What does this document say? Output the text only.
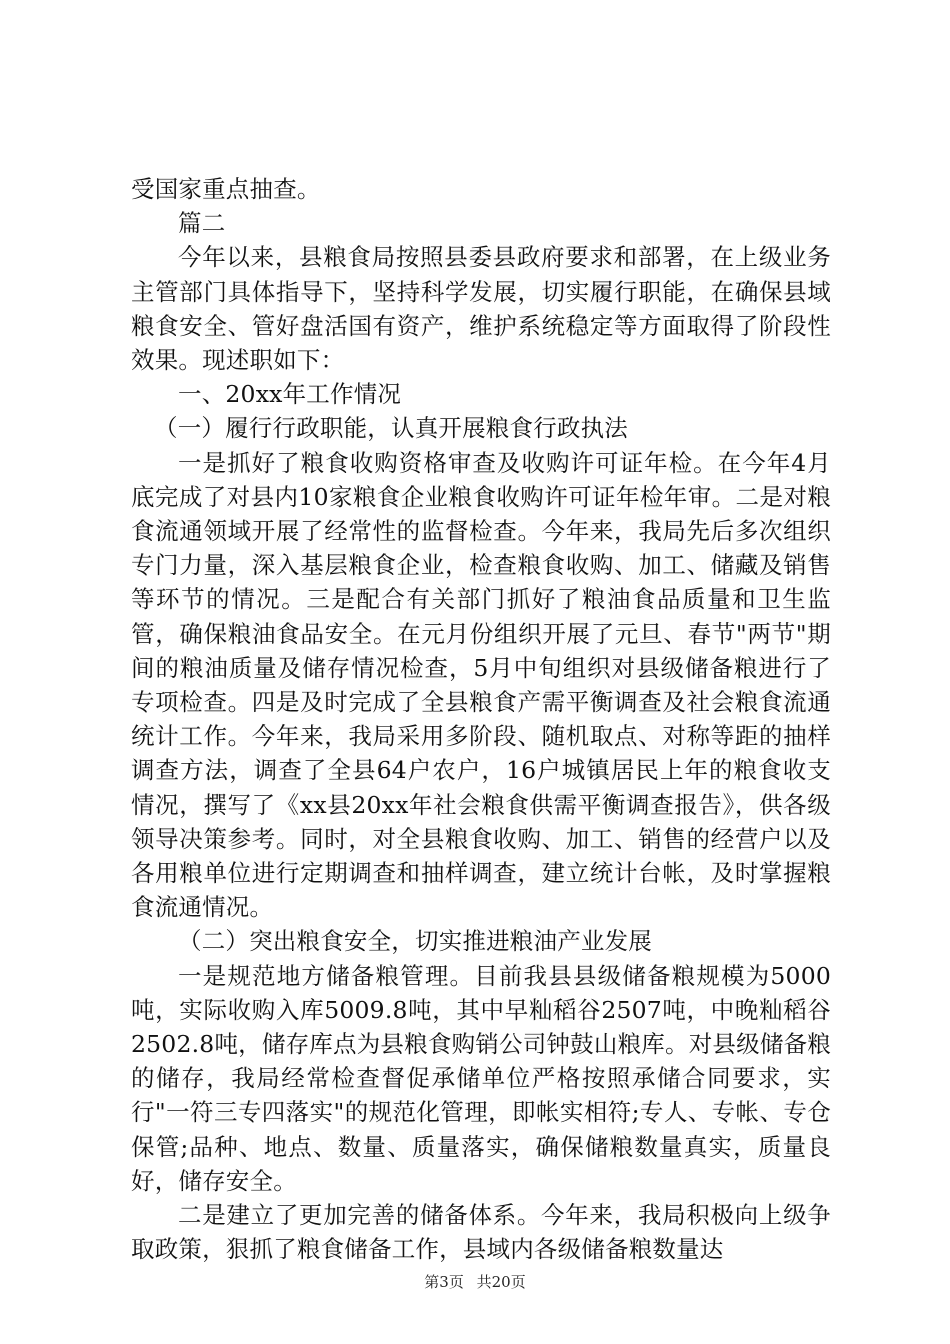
受国家重点抽查。

篇二

今年以来，县粮食局按照县委县政府要求和部署，在上级业务主管部门具体指导下，坚持科学发展，切实履行职能，在确保县域粮食安全、管好盘活国有资产，维护系统稳定等方面取得了阶段性效果。现述职如下：

一、20xx年工作情况

（一）履行行政职能，认真开展粮食行政执法

一是抓好了粮食收购资格审查及收购许可证年检。在今年4月底完成了对县内10家粮食企业粮食收购许可证年检年审。二是对粮食流通领域开展了经常性的监督检查。今年来，我局先后多次组织专门力量，深入基层粮食企业，检查粮食收购、加工、储藏及销售等环节的情况。三是配合有关部门抓好了粮油食品质量和卫生监管，确保粮油食品安全。在元月份组织开展了元旦、春节"两节"期间的粮油质量及储存情况检查，5月中旬组织对县级储备粮进行了专项检查。四是及时完成了全县粮食产需平衡调查及社会粮食流通统计工作。今年来，我局采用多阶段、随机取点、对称等距的抽样调查方法，调查了全县64户农户，16户城镇居民上年的粮食收支情况，撰写了《xx县20xx年社会粮食供需平衡调查报告》，供各级领导决策参考。同时，对全县粮食收购、加工、销售的经营户以及各用粮单位进行定期调查和抽样调查，建立统计台帐，及时掌握粮食流通情况。

（二）突出粮食安全，切实推进粮油产业发展

一是规范地方储备粮管理。目前我县县级储备粮规模为5000吨，实际收购入库5009.8吨，其中早籼稻谷2507吨，中晚籼稻谷2502.8吨，储存库点为县粮食购销公司钟鼓山粮库。对县级储备粮的储存，我局经常检查督促承储单位严格按照承储合同要求，实行"一符三专四落实"的规范化管理，即帐实相符;专人、专帐、专仓保管;品种、地点、数量、质量落实，确保储粮数量真实，质量良好，储存安全。

二是建立了更加完善的储备体系。今年来，我局积极向上级争取政策，狠抓了粮食储备工作，县域内各级储备粮数量达

第3页 共20页
